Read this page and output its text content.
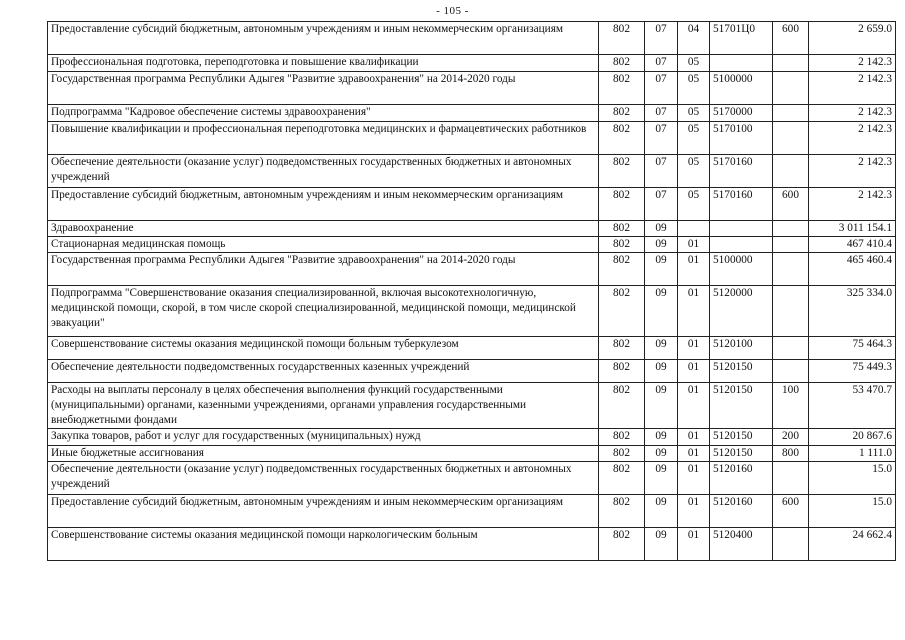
- 105 -
Предоставление субсидий бюджетным, автономным учреждениям и иным некоммерческим организациям	802	07	04	51701Ц0	600	2 659.0
Профессиональная подготовка, переподготовка и повышение квалификации	802	07	05			2 142.3
Государственная программа Республики Адыгея "Развитие здравоохранения" на 2014-2020 годы	802	07	05	5100000		2 142.3
Подпрограмма "Кадровое обеспечение системы здравоохранения"	802	07	05	5170000		2 142.3
Повышение квалификации и профессиональная переподготовка медицинских и фармацевтических работников	802	07	05	5170100		2 142.3
Обеспечение деятельности (оказание услуг) подведомственных государственных бюджетных и автономных учреждений	802	07	05	5170160		2 142.3
Предоставление субсидий бюджетным, автономным учреждениям и иным некоммерческим организациям	802	07	05	5170160	600	2 142.3
Здравоохранение	802	09				3 011 154.1
Стационарная медицинская помощь	802	09	01			467 410.4
Государственная программа Республики Адыгея "Развитие здравоохранения" на 2014-2020 годы	802	09	01	5100000		465 460.4
Подпрограмма "Совершенствование оказания специализированной, включая высокотехнологичную, медицинской помощи, скорой, в том числе скорой специализированной, медицинской помощи, медицинской эвакуации"	802	09	01	5120000		325 334.0
Совершенствование системы оказания медицинской помощи больным туберкулезом	802	09	01	5120100		75 464.3
Обеспечение деятельности подведомственных государственных казенных учреждений	802	09	01	5120150		75 449.3
Расходы на выплаты персоналу в целях обеспечения выполнения функций государственными (муниципальными) органами, казенными учреждениями, органами управления государственными внебюджетными фондами	802	09	01	5120150	100	53 470.7
Закупка товаров, работ и услуг для государственных (муниципальных) нужд	802	09	01	5120150	200	20 867.6
Иные бюджетные ассигнования	802	09	01	5120150	800	1 111.0
Обеспечение деятельности (оказание услуг) подведомственных государственных бюджетных и автономных учреждений	802	09	01	5120160		15.0
Предоставление субсидий бюджетным, автономным учреждениям и иным некоммерческим организациям	802	09	01	5120160	600	15.0
Совершенствование системы оказания медицинской помощи наркологическим больным	802	09	01	5120400		24 662.4
